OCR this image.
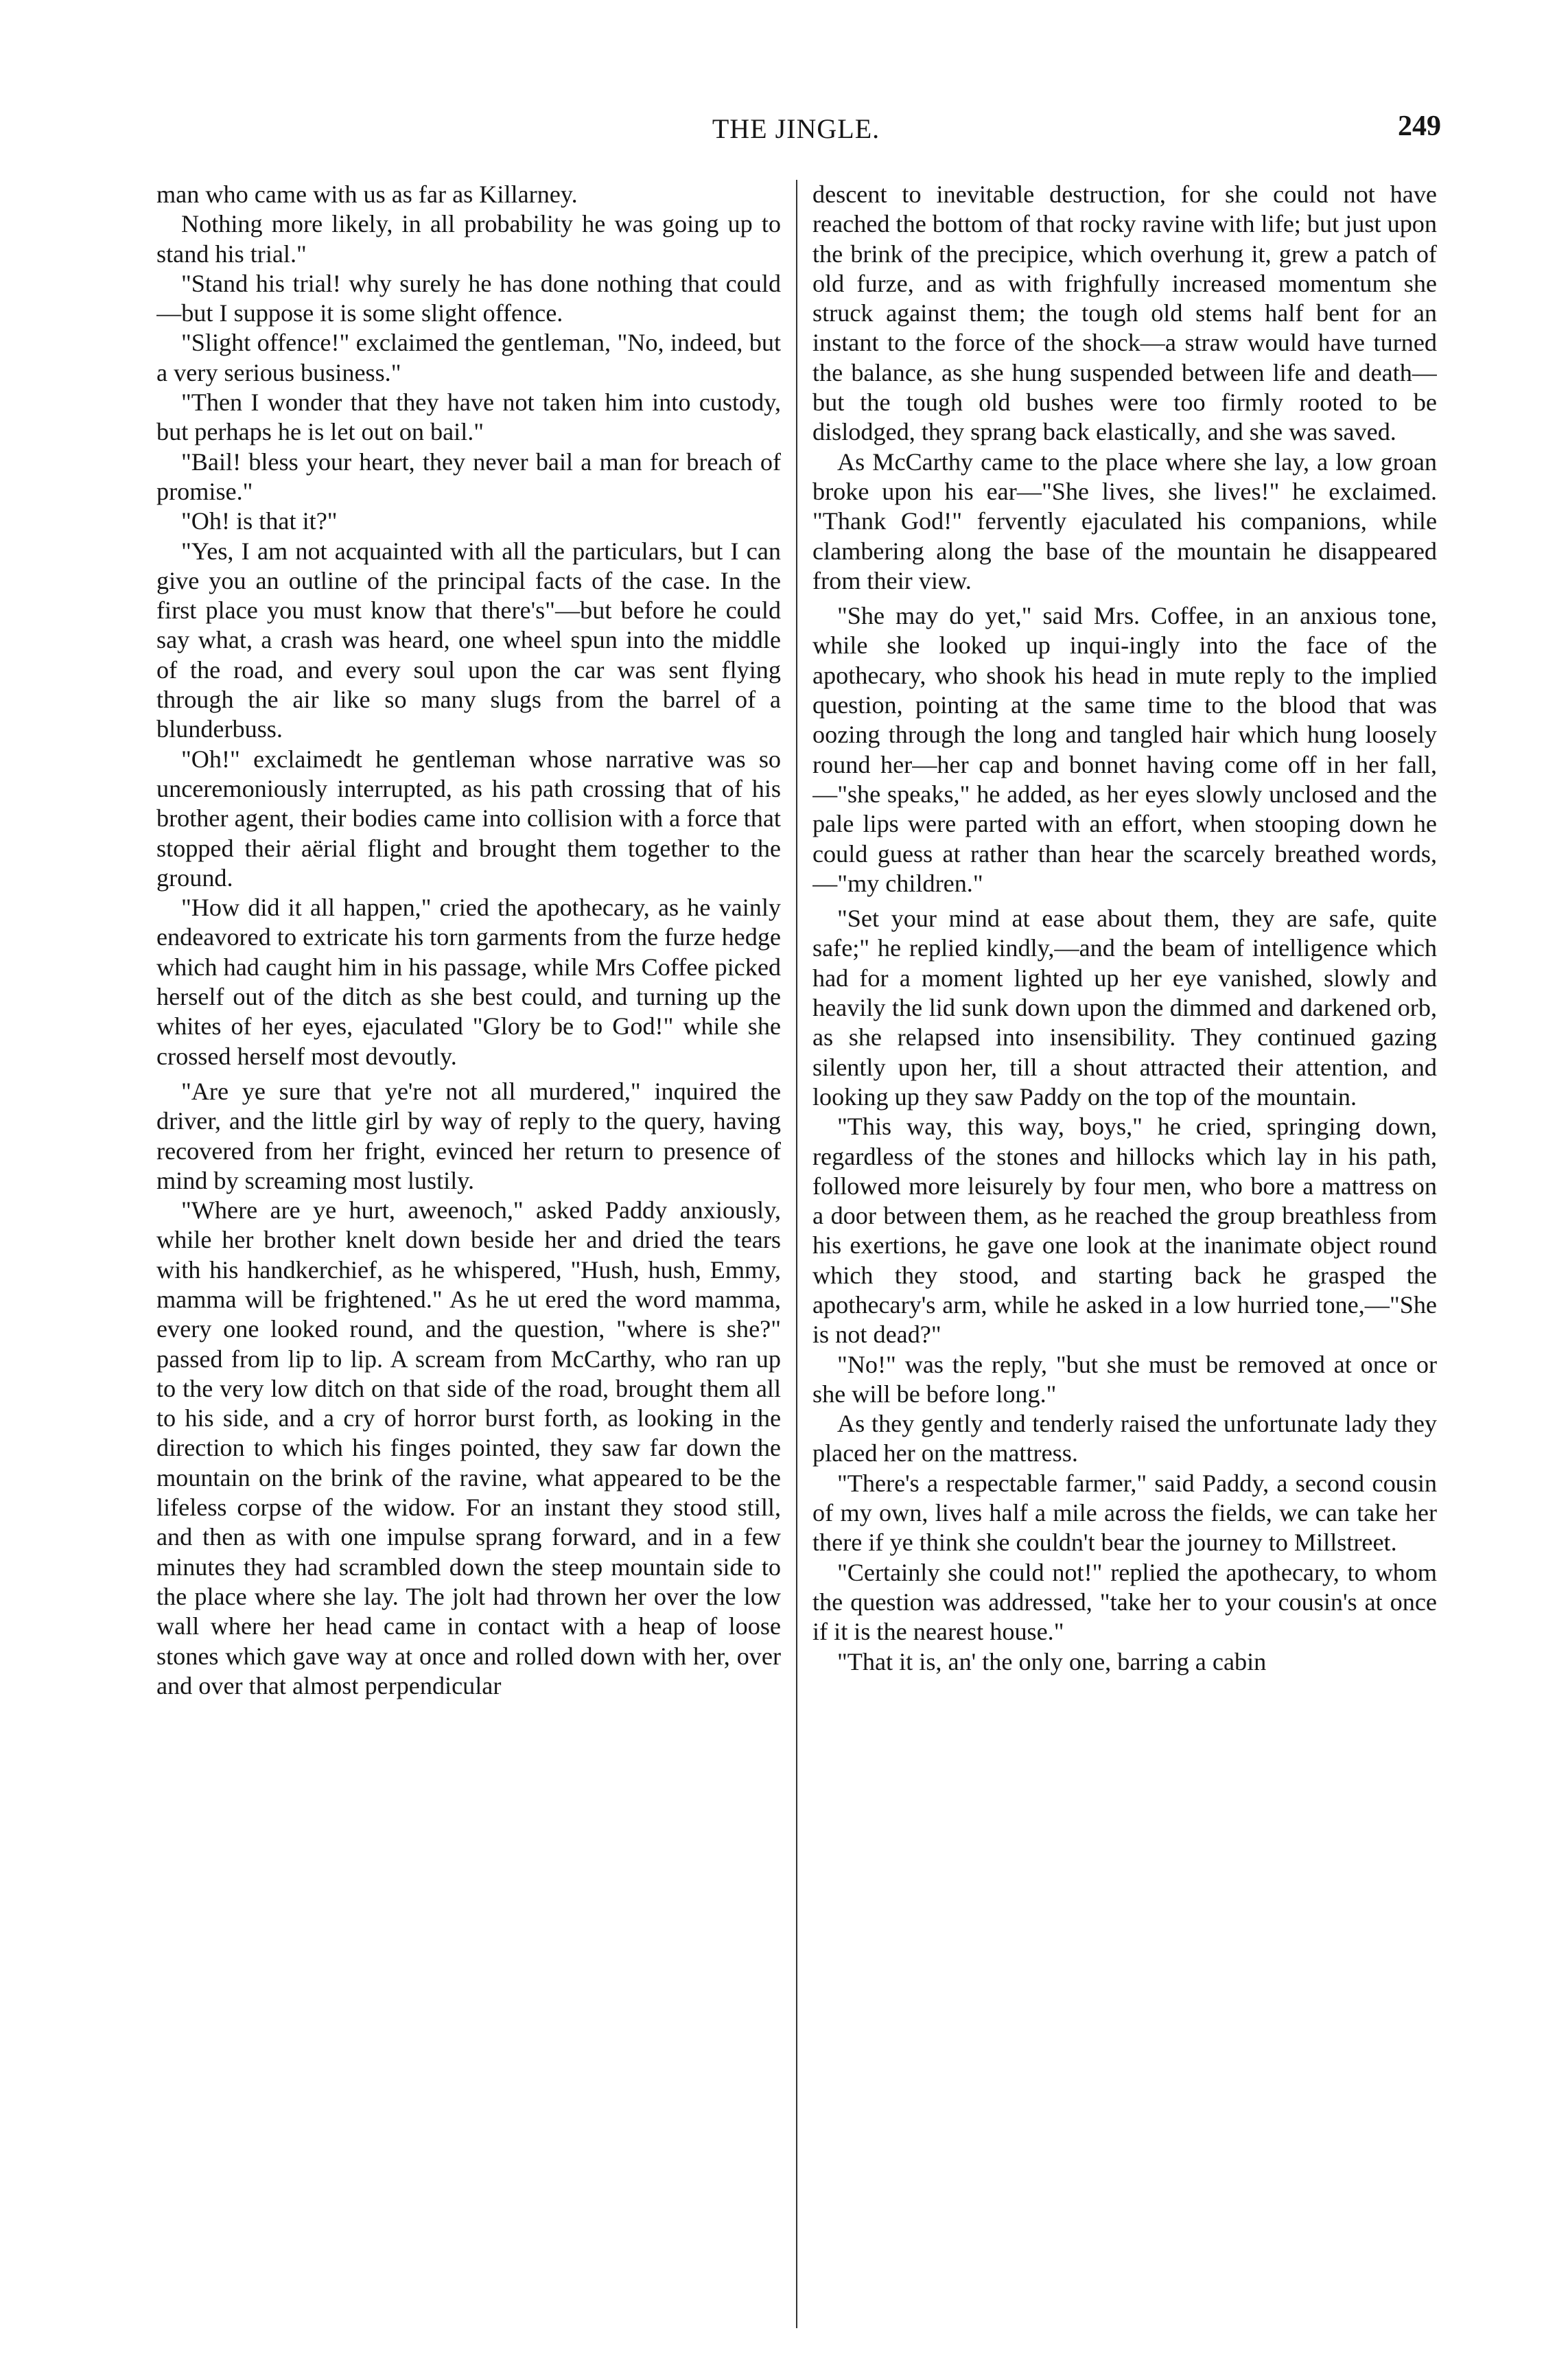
THE JINGLE.	249

man who came with us as far as Killarney.

Nothing more likely, in all probability he was going up to stand his trial."

"Stand his trial! why surely he has done nothing that could—but I suppose it is some slight offence.

"Slight offence!" exclaimed the gentleman, "No, indeed, but a very serious business."

"Then I wonder that they have not taken him into custody, but perhaps he is let out on bail."

"Bail! bless your heart, they never bail a man for breach of promise."

"Oh! is that it?"

"Yes, I am not acquainted with all the particulars, but I can give you an outline of the principal facts of the case. In the first place you must know that there's"—but before he could say what, a crash was heard, one wheel spun into the middle of the road, and every soul upon the car was sent flying through the air like so many slugs from the barrel of a blunderbuss.

"Oh!" exclaimedt he gentleman whose narrative was so unceremoniously interrupted, as his path crossing that of his brother agent, their bodies came into collision with a force that stopped their aërial flight and brought them together to the ground.

"How did it all happen," cried the apothecary, as he vainly endeavored to extricate his torn garments from the furze hedge which had caught him in his passage, while Mrs Coffee picked herself out of the ditch as she best could, and turning up the whites of her eyes, ejaculated "Glory be to God!" while she crossed herself most devoutly.

"Are ye sure that ye're not all murdered," inquired the driver, and the little girl by way of reply to the query, having recovered from her fright, evinced her return to presence of mind by screaming most lustily.

"Where are ye hurt, aweenoch," asked Paddy anxiously, while her brother knelt down beside her and dried the tears with his handkerchief, as he whispered, "Hush, hush, Emmy, mamma will be frightened." As he ut ered the word mamma, every one looked round, and the question, "where is she?" passed from lip to lip. A scream from McCarthy, who ran up to the very low ditch on that side of the road, brought them all to his side, and a cry of horror burst forth, as looking in the direction to which his finges pointed, they saw far down the mountain on the brink of the ravine, what appeared to be the lifeless corpse of the widow. For an instant they stood still, and then as with one impulse sprang forward, and in a few minutes they had scrambled down the steep mountain side to the place where she lay. The jolt had thrown her over the low wall where her head came in contact with a heap of loose stones which gave way at once and rolled down with her, over and over that almost perpendicular

descent to inevitable destruction, for she could not have reached the bottom of that rocky ravine with life; but just upon the brink of the precipice, which overhung it, grew a patch of old furze, and as with frighfully increased momentum she struck against them; the tough old stems half bent for an instant to the force of the shock—a straw would have turned the balance, as she hung suspended between life and death—but the tough old bushes were too firmly rooted to be dislodged, they sprang back elastically, and she was saved.

As McCarthy came to the place where she lay, a low groan broke upon his ear—"She lives, she lives!" he exclaimed. "Thank God!" fervently ejaculated his companions, while clambering along the base of the mountain he disappeared from their view.

"She may do yet," said Mrs. Coffee, in an anxious tone, while she looked up inqui-ingly into the face of the apothecary, who shook his head in mute reply to the implied question, pointing at the same time to the blood that was oozing through the long and tangled hair which hung loosely round her—her cap and bonnet having come off in her fall,—"she speaks," he added, as her eyes slowly unclosed and the pale lips were parted with an effort, when stooping down he could guess at rather than hear the scarcely breathed words,—"my children."

"Set your mind at ease about them, they are safe, quite safe;" he replied kindly,—and the beam of intelligence which had for a moment lighted up her eye vanished, slowly and heavily the lid sunk down upon the dimmed and darkened orb, as she relapsed into insensibility. They continued gazing silently upon her, till a shout attracted their attention, and looking up they saw Paddy on the top of the mountain.

"This way, this way, boys," he cried, springing down, regardless of the stones and hillocks which lay in his path, followed more leisurely by four men, who bore a mattress on a door between them, as he reached the group breathless from his exertions, he gave one look at the inanimate object round which they stood, and starting back he grasped the apothecary's arm, while he asked in a low hurried tone,—"She is not dead?"

"No!" was the reply, "but she must be removed at once or she will be before long."

As they gently and tenderly raised the unfortunate lady they placed her on the mattress.

"There's a respectable farmer," said Paddy, a second cousin of my own, lives half a mile across the fields, we can take her there if ye think she couldn't bear the journey to Millstreet.

"Certainly she could not!" replied the apothecary, to whom the question was addressed, "take her to your cousin's at once if it is the nearest house."

"That it is, an' the only one, barring a cabin
